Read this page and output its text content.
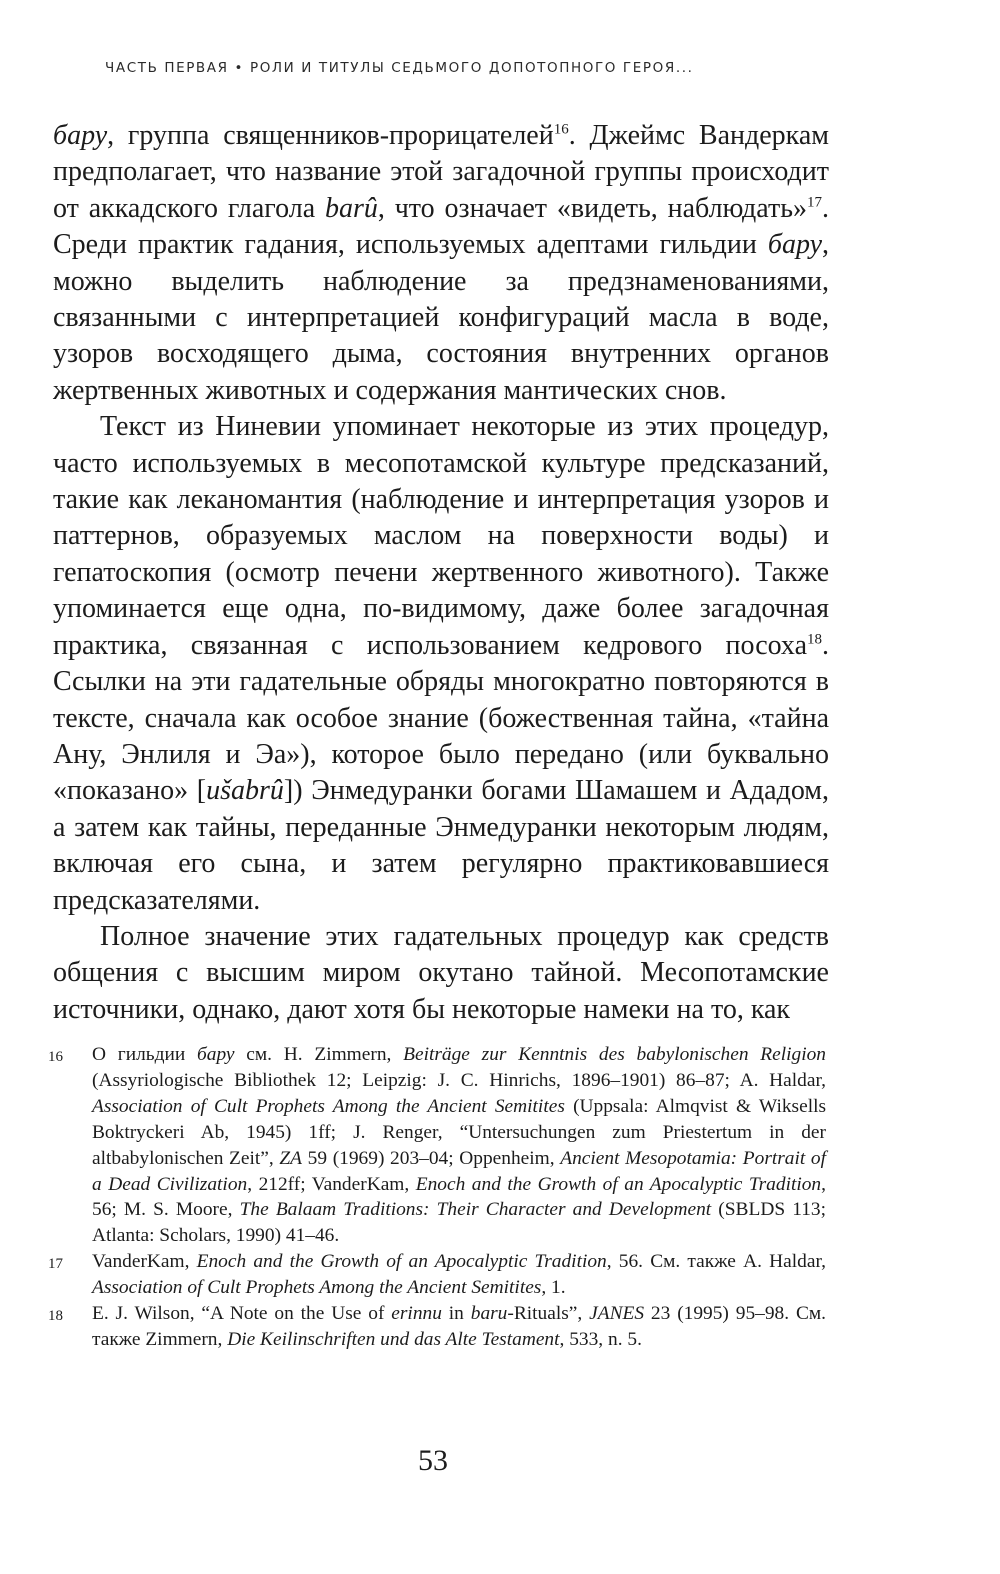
ЧАСТЬ ПЕРВАЯ • РОЛИ И ТИТУЛЫ СЕДЬМОГО ДОПОТОПНОГО ГЕРОЯ...

бару, группа священников-прорицателей$^{16}$. Джеймс Вандеркам предполагает, что название этой загадочной группы происходит от аккадского глагола barû, что означает «видеть, наблюдать»$^{17}$. Среди практик гадания, используемых адептами гильдии бару, можно выделить наблюдение за предзнаменованиями, связанными с интерпретацией конфигураций масла в воде, узоров восходящего дыма, состояния внутренних органов жертвенных животных и содержания мантических снов.

Текст из Ниневии упоминает некоторые из этих процедур, часто используемых в месопотамской культуре предсказаний, такие как леканомантия (наблюдение и интерпретация узоров и паттернов, образуемых маслом на поверхности воды) и гепатоскопия (осмотр печени жертвенного животного). Также упоминается еще одна, по-видимому, даже более загадочная практика, связанная с использованием кедрового посоха$^{18}$. Ссылки на эти гадательные обряды многократно повторяются в тексте, сначала как особое знание (божественная тайна, «тайна Ану, Энлиля и Эа»), которое было передано (или буквально «показано» [ušabrû]) Энмедуранки богами Шамашем и Ададом, а затем как тайны, переданные Энмедуранки некоторым людям, включая его сына, и затем регулярно практиковавшиеся предсказателями.

Полное значение этих гадательных процедур как средств общения с высшим миром окутано тайной. Месопотамские источники, однако, дают хотя бы некоторые намеки на то, как

16	О гильдии бару см. H. Zimmern, Beiträge zur Kenntnis des babylonischen Religion (Assyriologische Bibliothek 12; Leipzig: J. C. Hinrichs, 1896–1901) 86–87; A. Haldar, Association of Cult Prophets Among the Ancient Semitites (Uppsala: Almqvist & Wiksells Boktryckeri Ab, 1945) 1ff; J. Renger, “Untersuchungen zum Priestertum in der altbabylonischen Zeit”, ZA 59 (1969) 203–04; Oppenheim, Ancient Mesopotamia: Portrait of a Dead Civilization, 212ff; VanderKam, Enoch and the Growth of an Apocalyptic Tradition, 56; M. S. Moore, The Balaam Traditions: Their Character and Development (SBLDS 113; Atlanta: Scholars, 1990) 41–46.
17	VanderKam, Enoch and the Growth of an Apocalyptic Tradition, 56. См. также A. Haldar, Association of Cult Prophets Among the Ancient Semitites, 1.
18	E. J. Wilson, “A Note on the Use of erinnu in baru-Rituals”, JANES 23 (1995) 95–98. См. также Zimmern, Die Keilinschriften und das Alte Testament, 533, n. 5.
53
